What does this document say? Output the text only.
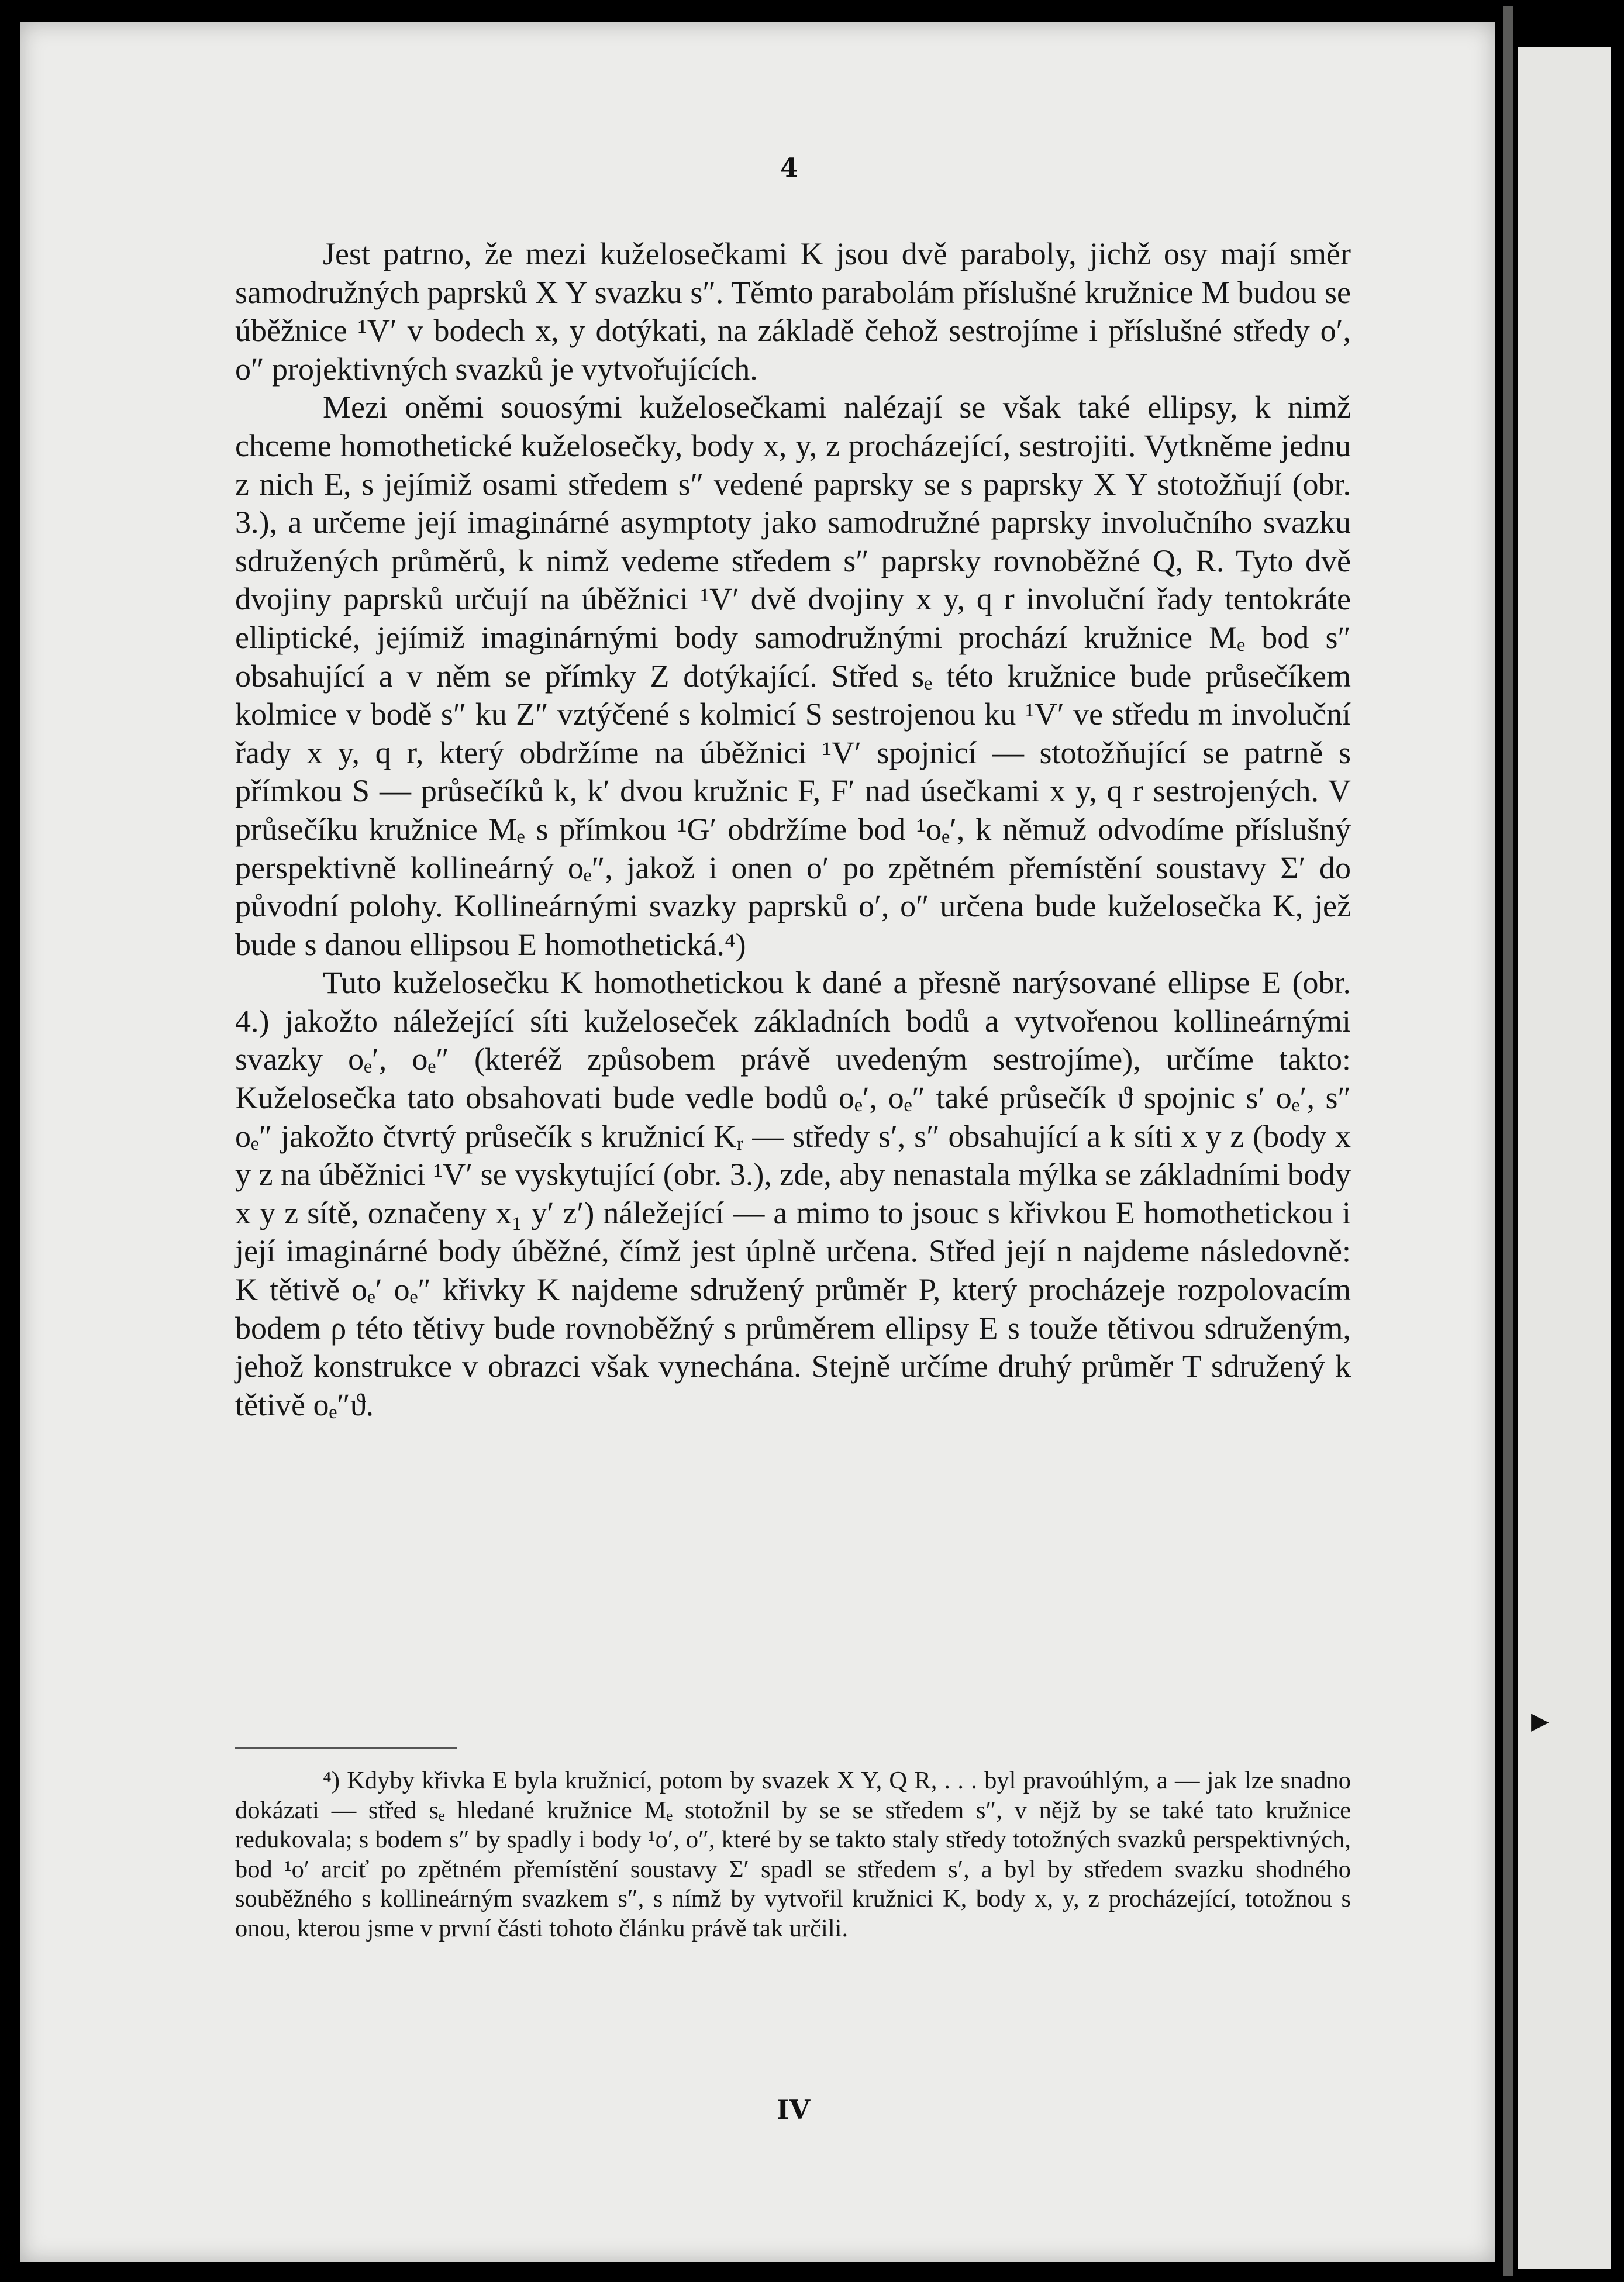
▶
4

Jest patrno, že mezi kuželosečkami K jsou dvě paraboly, jichž osy mají směr samodružných paprsků X Y svazku s″. Těmto parabolám příslušné kružnice M budou se úběžnice ¹V′ v bodech x, y dotýkati, na základě čehož sestrojíme i příslušné středy o′, o″ projektivných svazků je vytvořujících.

Mezi oněmi souosými kuželosečkami nalézají se však také ellipsy, k nimž chceme homothetické kuželosečky, body x, y, z procházející, sestrojiti. Vytkněme jednu z nich E, s jejímiž osami středem s″ vedené paprsky se s paprsky X Y stotožňují (obr. 3.), a určeme její imaginárné asymptoty jako samodružné paprsky involučního svazku sdružených průměrů, k nimž vedeme středem s″ paprsky rovnoběžné Q, R. Tyto dvě dvojiny paprsků určují na úběžnici ¹V′ dvě dvojiny x y, q r involuční řady tentokráte elliptické, jejímiž imaginárnými body samodružnými prochází kružnice Mₑ bod s″ obsahující a v něm se přímky Z dotýkající. Střed sₑ této kružnice bude průsečíkem kolmice v bodě s″ ku Z″ vztýčené s kolmicí S sestrojenou ku ¹V′ ve středu m involuční řady x y, q r, který obdržíme na úběžnici ¹V′ spojnicí — stotožňující se patrně s přímkou S — průsečíků k, k′ dvou kružnic F, F′ nad úsečkami x y, q r sestrojených. V průsečíku kružnice Mₑ s přímkou ¹G′ obdržíme bod ¹oₑ′, k němuž odvodíme příslušný perspektivně kollineárný oₑ″, jakož i onen o′ po zpětném přemístění soustavy Σ′ do původní polohy. Kollineárnými svazky paprsků o′, o″ určena bude kuželosečka K, jež bude s danou ellipsou E homothetická.⁴)

Tuto kuželosečku K homothetickou k dané a přesně narýsované ellipse E (obr. 4.) jakožto náležející síti kuželoseček základních bodů a vytvořenou kollineárnými svazky oₑ′, oₑ″ (kteréž způsobem právě uvedeným sestrojíme), určíme takto: Kuželosečka tato obsahovati bude vedle bodů oₑ′, oₑ″ také průsečík ϑ spojnic s′ oₑ′, s″ oₑ″ jakožto čtvrtý průsečík s kružnicí Kᵣ — středy s′, s″ obsahující a k síti x y z (body x y z na úběžnici ¹V′ se vyskytující (obr. 3.), zde, aby nenastala mýlka se základními body x y z sítě, označeny x₁ y′ z′) náležející — a mimo to jsouc s křivkou E homothetickou i její imaginárné body úběžné, čímž jest úplně určena. Střed její n najdeme následovně: K tětivě oₑ′ oₑ″ křivky K najdeme sdružený průměr P, který procházeje rozpolovacím bodem ρ této tětivy bude rovnoběžný s průměrem ellipsy E s touže tětivou sdruženým, jehož konstrukce v obrazci však vynechána. Stejně určíme druhý průměr T sdružený k tětivě oₑ″ϑ.

⁴) Kdyby křivka E byla kružnicí, potom by svazek X Y, Q R, . . . byl pravoúhlým, a — jak lze snadno dokázati — střed sₑ hledané kružnice Mₑ stotožnil by se se středem s″, v nějž by se také tato kružnice redukovala; s bodem s″ by spadly i body ¹o′, o″, které by se takto staly středy totožných svazků perspektivných, bod ¹o′ arciť po zpětném přemístění soustavy Σ′ spadl se středem s′, a byl by středem svazku shodného souběžného s kollineárným svazkem s″, s nímž by vytvořil kružnici K, body x, y, z procházející, totožnou s onou, kterou jsme v první části tohoto článku právě tak určili.

IV
